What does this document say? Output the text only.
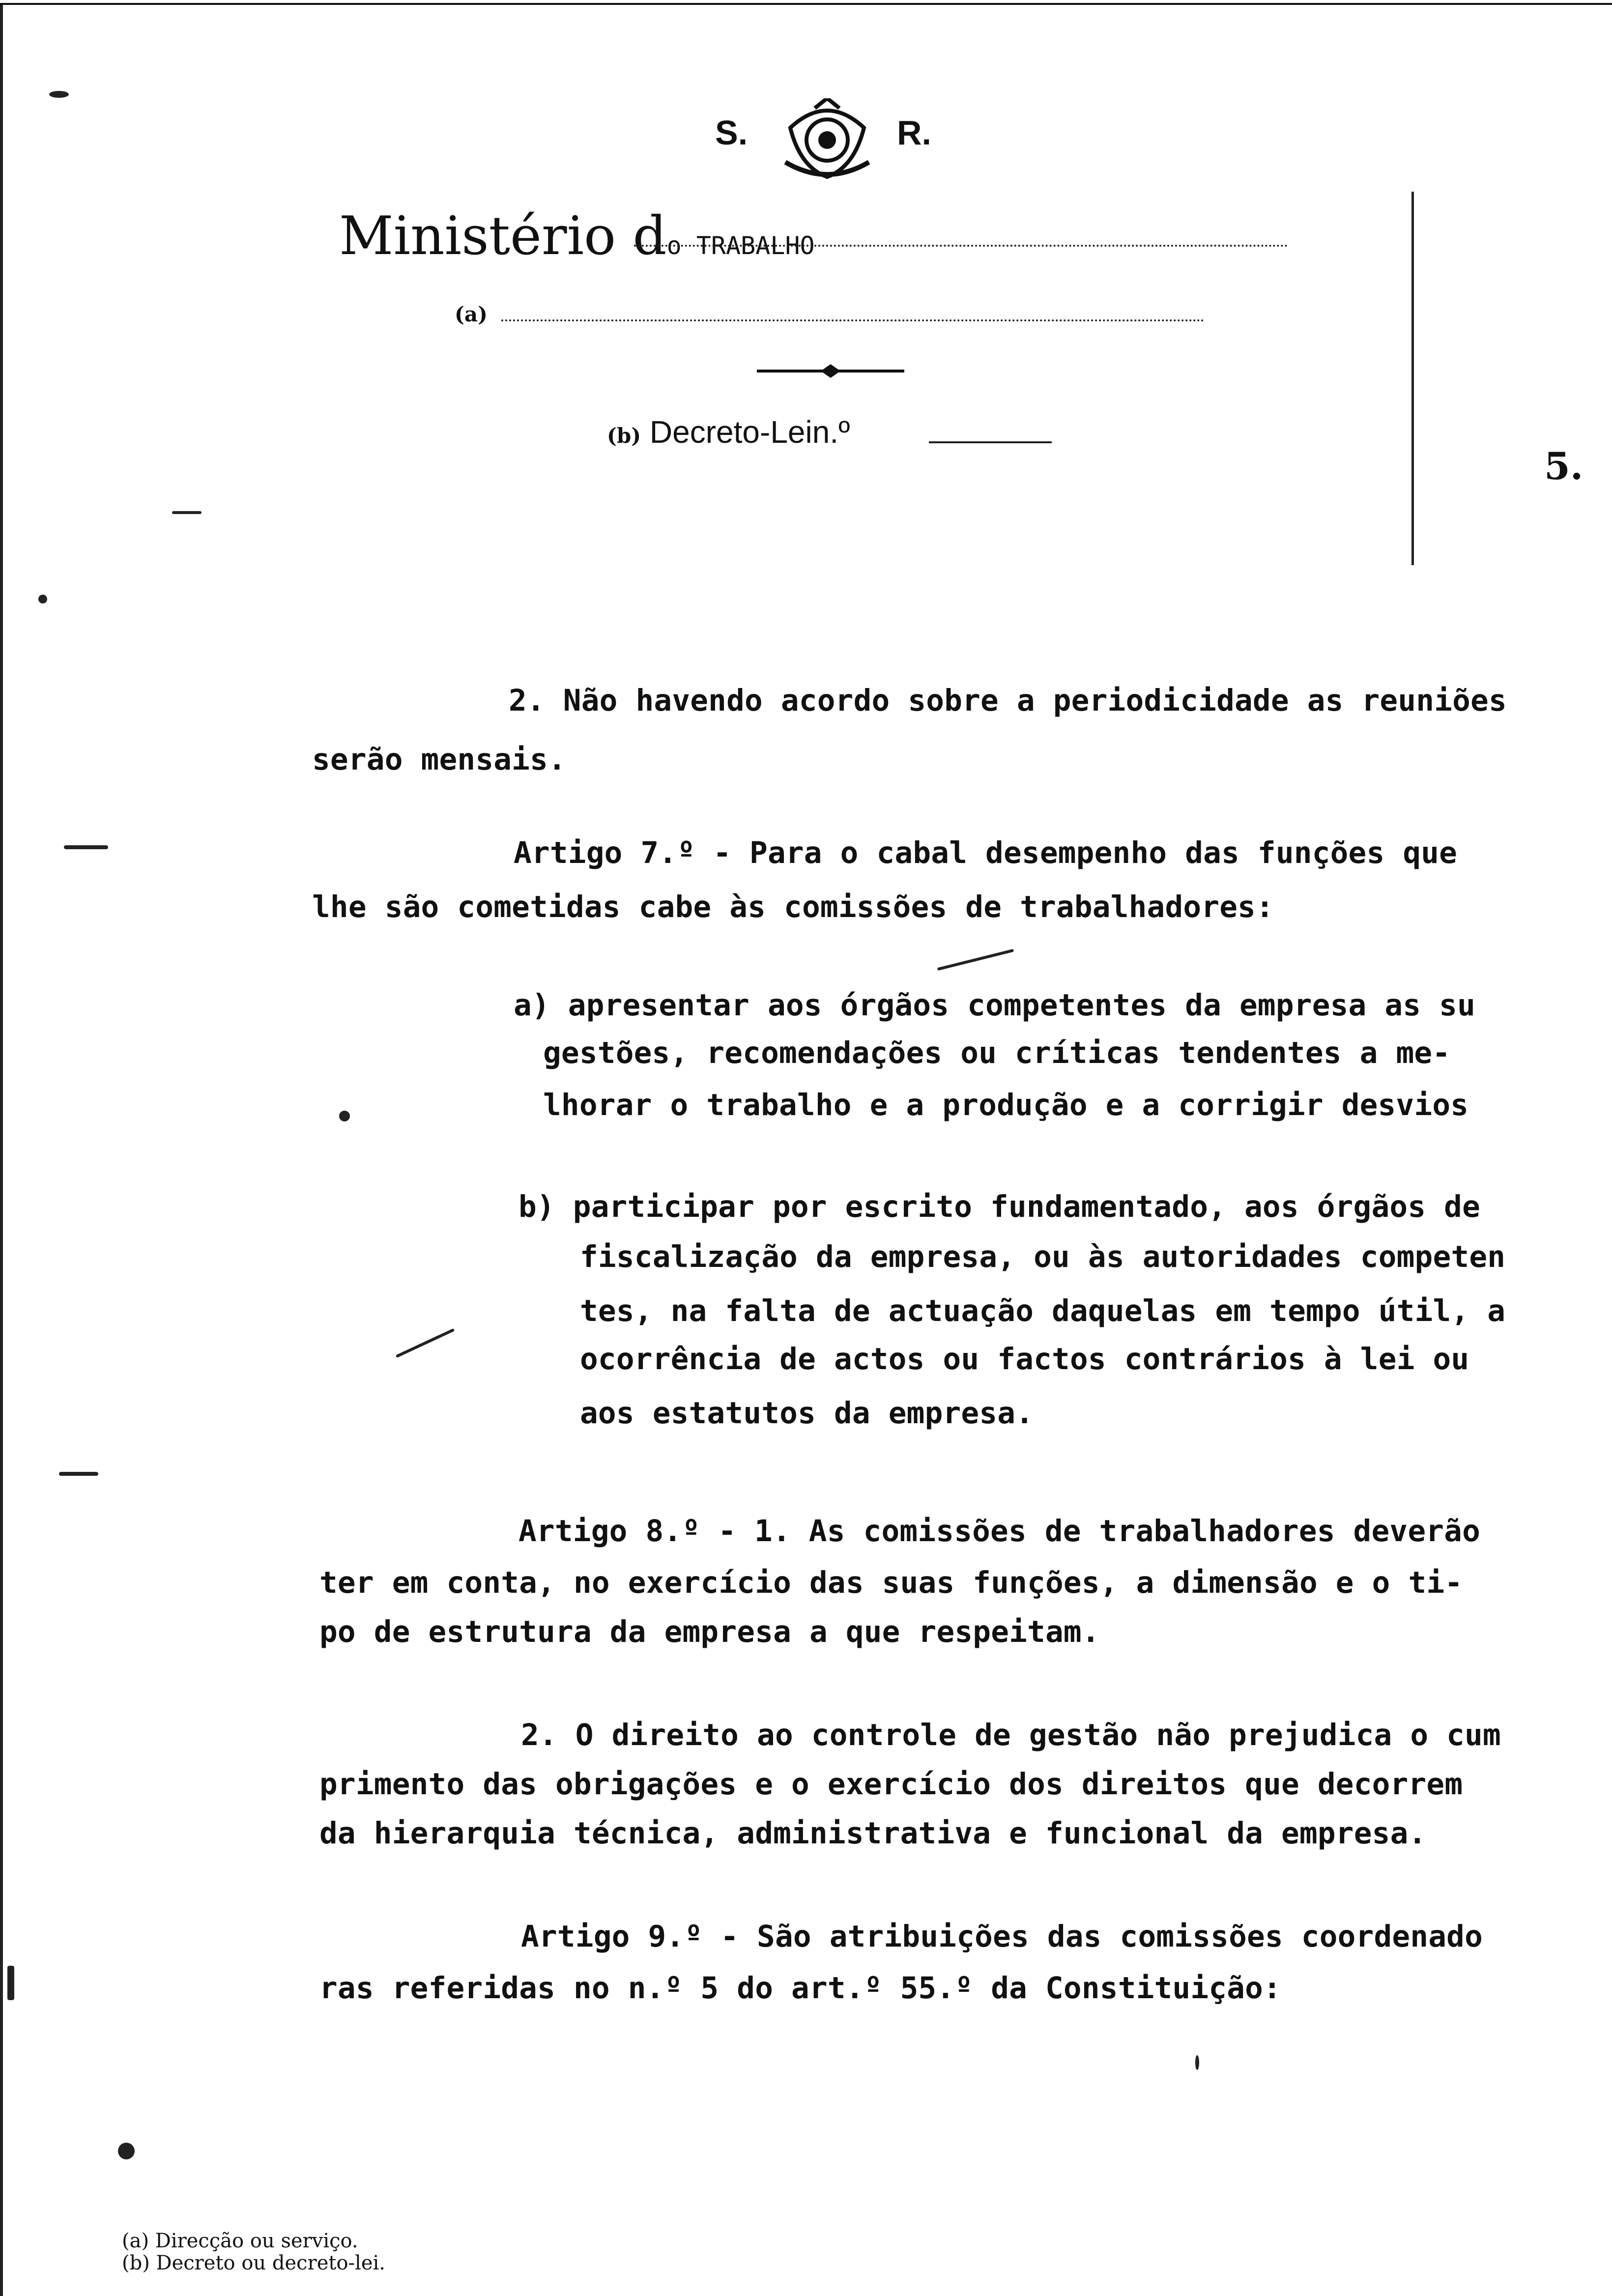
S.	R.
Ministério do TRABALHO
(a)
(b) Decreto-Lein.º
5.
2. Não havendo acordo sobre a periodicidade as reuniões
serão mensais.
Artigo 7.º - Para o cabal desempenho das funções que
lhe são cometidas cabe às comissões de trabalhadores:
a) apresentar aos órgãos competentes da empresa as su
gestões, recomendações ou críticas tendentes a me-
lhorar o trabalho e a produção e a corrigir desvios
b) participar por escrito fundamentado, aos órgãos de
fiscalização da empresa, ou às autoridades competen
tes, na falta de actuação daquelas em tempo útil, a
ocorrência de actos ou factos contrários à lei ou
aos estatutos da empresa.
Artigo 8.º - 1. As comissões de trabalhadores deverão
ter em conta, no exercício das suas funções, a dimensão e o ti-
po de estrutura da empresa a que respeitam.
2. O direito ao controle de gestão não prejudica o cum
primento das obrigações e o exercício dos direitos que decorrem
da hierarquia técnica, administrativa e funcional da empresa.
Artigo 9.º - São atribuições das comissões coordenado
ras referidas no n.º 5 do art.º 55.º da Constituição:
(a) Direcção ou serviço.
(b) Decreto ou decreto-lei.
